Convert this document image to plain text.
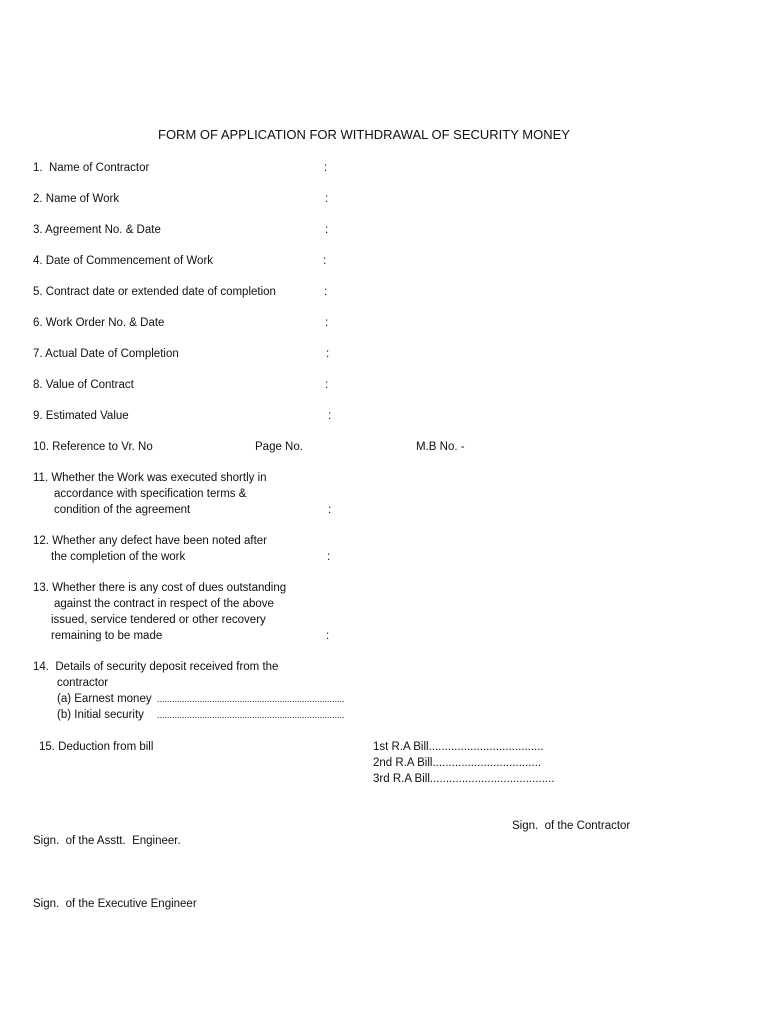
FORM OF APPLICATION FOR WITHDRAWAL OF SECURITY MONEY
1.  Name of Contractor	:
2. Name of Work	:
3. Agreement No. & Date	:
4. Date of Commencement of Work	:
5. Contract date or extended date of completion	:
6. Work Order No. & Date	:
7. Actual Date of Completion	:
8. Value of Contract	:
9. Estimated Value	:
10. Reference to Vr. No	Page No.	M.B No. -
11. Whether the Work was executed shortly in
accordance with specification terms &
condition of the agreement	:
12. Whether any defect have been noted after
the completion of the work	:
13. Whether there is any cost of dues outstanding
against the contract in respect of the above
issued, service tendered or other recovery
remaining to be made	:
14.  Details of security deposit received from the
contractor
(a) Earnest money ...........................................................................
(b) Initial security ...........................................................................
15. Deduction from bill	1st R.A Bill....................................
2nd R.A Bill..................................
3rd R.A Bill.......................................
Sign.  of the Contractor
Sign.  of the Asstt.  Engineer.
Sign.  of the Executive Engineer
